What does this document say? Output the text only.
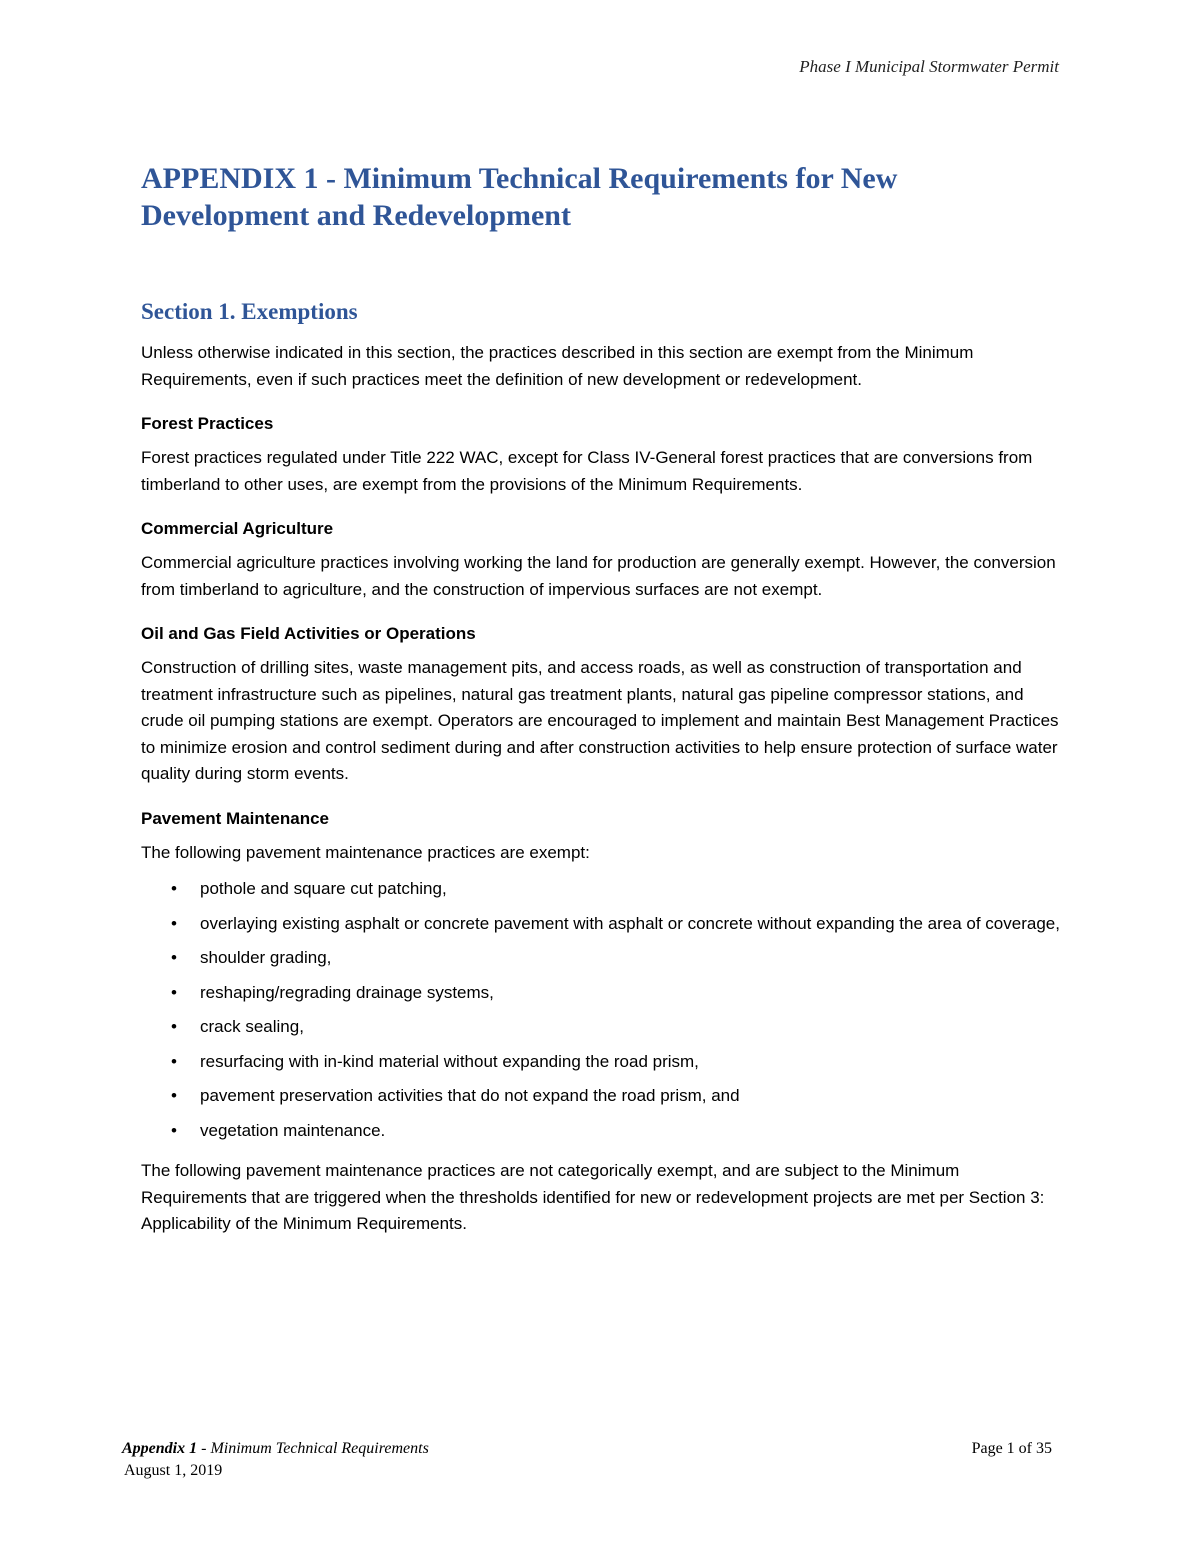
Phase I Municipal Stormwater Permit
APPENDIX 1 - Minimum Technical Requirements for New Development and Redevelopment
Section 1. Exemptions

Unless otherwise indicated in this section, the practices described in this section are exempt from the Minimum Requirements, even if such practices meet the definition of new development or redevelopment.

Forest Practices

Forest practices regulated under Title 222 WAC, except for Class IV-General forest practices that are conversions from timberland to other uses, are exempt from the provisions of the Minimum Requirements.

Commercial Agriculture

Commercial agriculture practices involving working the land for production are generally exempt. However, the conversion from timberland to agriculture, and the construction of impervious surfaces are not exempt.

Oil and Gas Field Activities or Operations

Construction of drilling sites, waste management pits, and access roads, as well as construction of transportation and treatment infrastructure such as pipelines, natural gas treatment plants, natural gas pipeline compressor stations, and crude oil pumping stations are exempt. Operators are encouraged to implement and maintain Best Management Practices to minimize erosion and control sediment during and after construction activities to help ensure protection of surface water quality during storm events.

Pavement Maintenance

The following pavement maintenance practices are exempt:

• pothole and square cut patching,
• overlaying existing asphalt or concrete pavement with asphalt or concrete without expanding the area of coverage,
• shoulder grading,
• reshaping/regrading drainage systems,
• crack sealing,
• resurfacing with in-kind material without expanding the road prism,
• pavement preservation activities that do not expand the road prism, and
• vegetation maintenance.

The following pavement maintenance practices are not categorically exempt, and are subject to the Minimum Requirements that are triggered when the thresholds identified for new or redevelopment projects are met per Section 3: Applicability of the Minimum Requirements.

Appendix 1 - Minimum Technical Requirements	Page 1 of 35
August 1, 2019
